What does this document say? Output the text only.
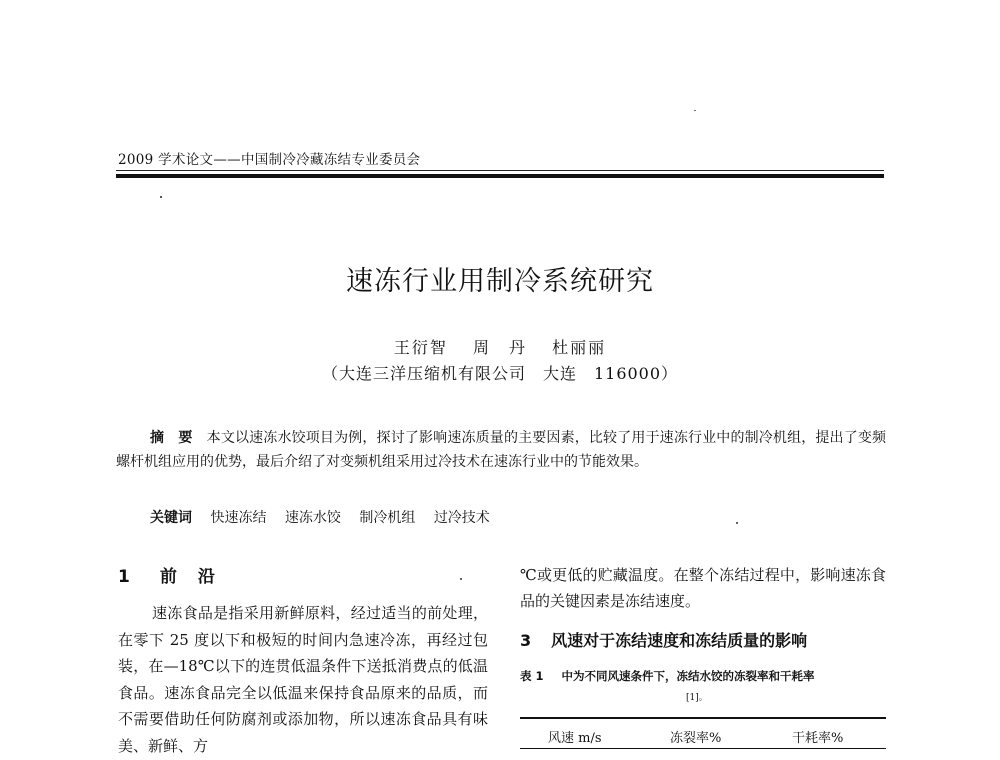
2009 学术论文——中国制冷冷藏冻结专业委员会
速冻行业用制冷系统研究
王衍智 周　丹 杜丽丽
（大连三洋压缩机有限公司　大连　116000）
摘　要　 本文以速冻水饺项目为例，探讨了影响速冻质量的主要因素，比较了用于速冻行业中的制冷机组，提出了变频螺杆机组应用的优势，最后介绍了对变频机组采用过冷技术在速冻行业中的节能效果。
关键词 快速冻结 速冻水饺 制冷机组 过冷技术
1 前　沿
速冻食品是指采用新鲜原料，经过适当的前处理，在零下 25 度以下和极短的时间内急速冷冻，再经过包装，在—18℃以下的连贯低温条件下送抵消费点的低温食品。速冻食品完全以低温来保持食品原来的品质，而不需要借助任何防腐剂或添加物，所以速冻食品具有味美、新鲜、方
℃或更低的贮藏温度。在整个冻结过程中，影响速冻食品的关键因素是冻结速度。
3 风速对于冻结速度和冻结质量的影响
表 1 中为不同风速条件下，冻结水饺的冻裂率和干耗率
[1]。
风速 m/s	冻裂率%	干耗率%
